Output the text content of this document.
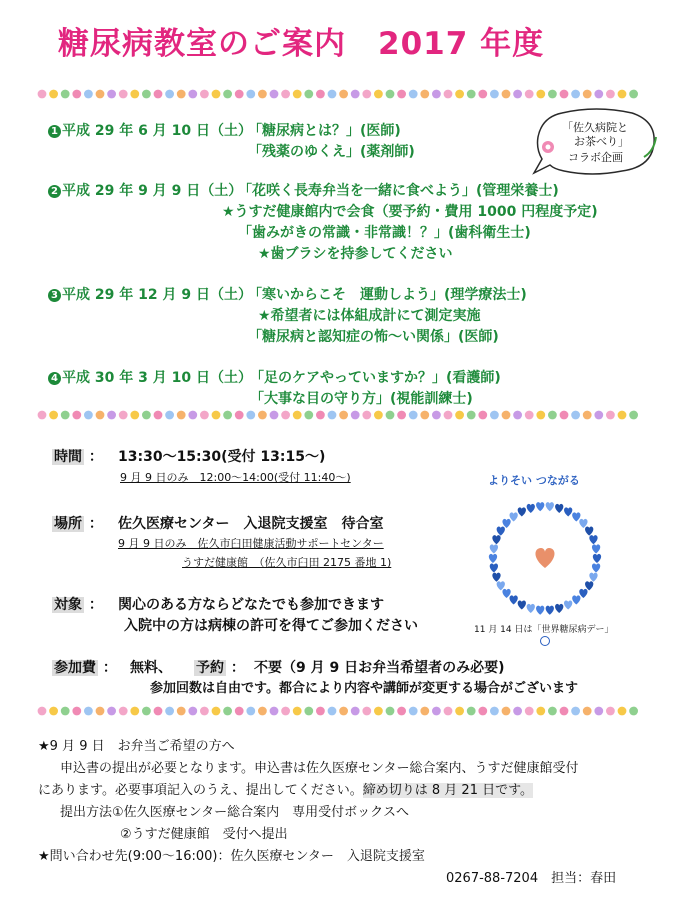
糖尿病教室のご案内　2017 年度
「佐久病院と
お茶べり」
コラボ企画
1 平成 29 年 6 月 10 日（土）
「糖尿病とは？」(医師)
「残薬のゆくえ」(薬剤師)
2 平成 29 年 9 月 9 日（土）
「花咲く長寿弁当を一緒に食べよう」(管理栄養士)
★うすだ健康館内で会食（要予約・費用 1000 円程度予定)
「歯みがきの常識・非常識！？」(歯科衛生士)
★歯ブラシを持参してください
3 平成 29 年 12 月 9 日（土）
「寒いからこそ　運動しよう」(理学療法士)
★希望者には体組成計にて測定実施
「糖尿病と認知症の怖〜い関係」(医師)
4 平成 30 年 3 月 10 日（土）
「足のケアやっていますか？」(看護師)
「大事な目の守り方」(視能訓練士)
時間 ： 13:30〜15:30(受付 13:15〜)
9 月 9 日のみ　12:00〜14:00(受付 11:40〜)
場所 ： 佐久医療センター　入退院支援室　待合室
9 月 9 日のみ　佐久市臼田健康活動サポートセンター
うすだ健康館　（佐久市臼田 2175 番地 1)
対象 ： 関心のある方ならどなたでも参加できます
入院中の方は病棟の許可を得てご参加ください
参加費 ： 無料、 予約 ： 不要（9 月 9 日お弁当希望者のみ必要)
参加回数は自由です。都合により内容や講師が変更する場合がございます
よりそい つながる
11 月 14 日は「世界糖尿病デー」
★9 月 9 日　お弁当ご希望の方へ
申込書の提出が必要となります。申込書は佐久医療センター総合案内、うすだ健康館受付
にあります。必要事項記入のうえ、提出してください。締め切りは 8 月 21 日です。
提出方法①佐久医療センター総合案内　専用受付ボックスへ
②うすだ健康館　受付へ提出
★問い合わせ先(9:00〜16:00)：佐久医療センター　入退院支援室
0267-88-7204　担当：春田
